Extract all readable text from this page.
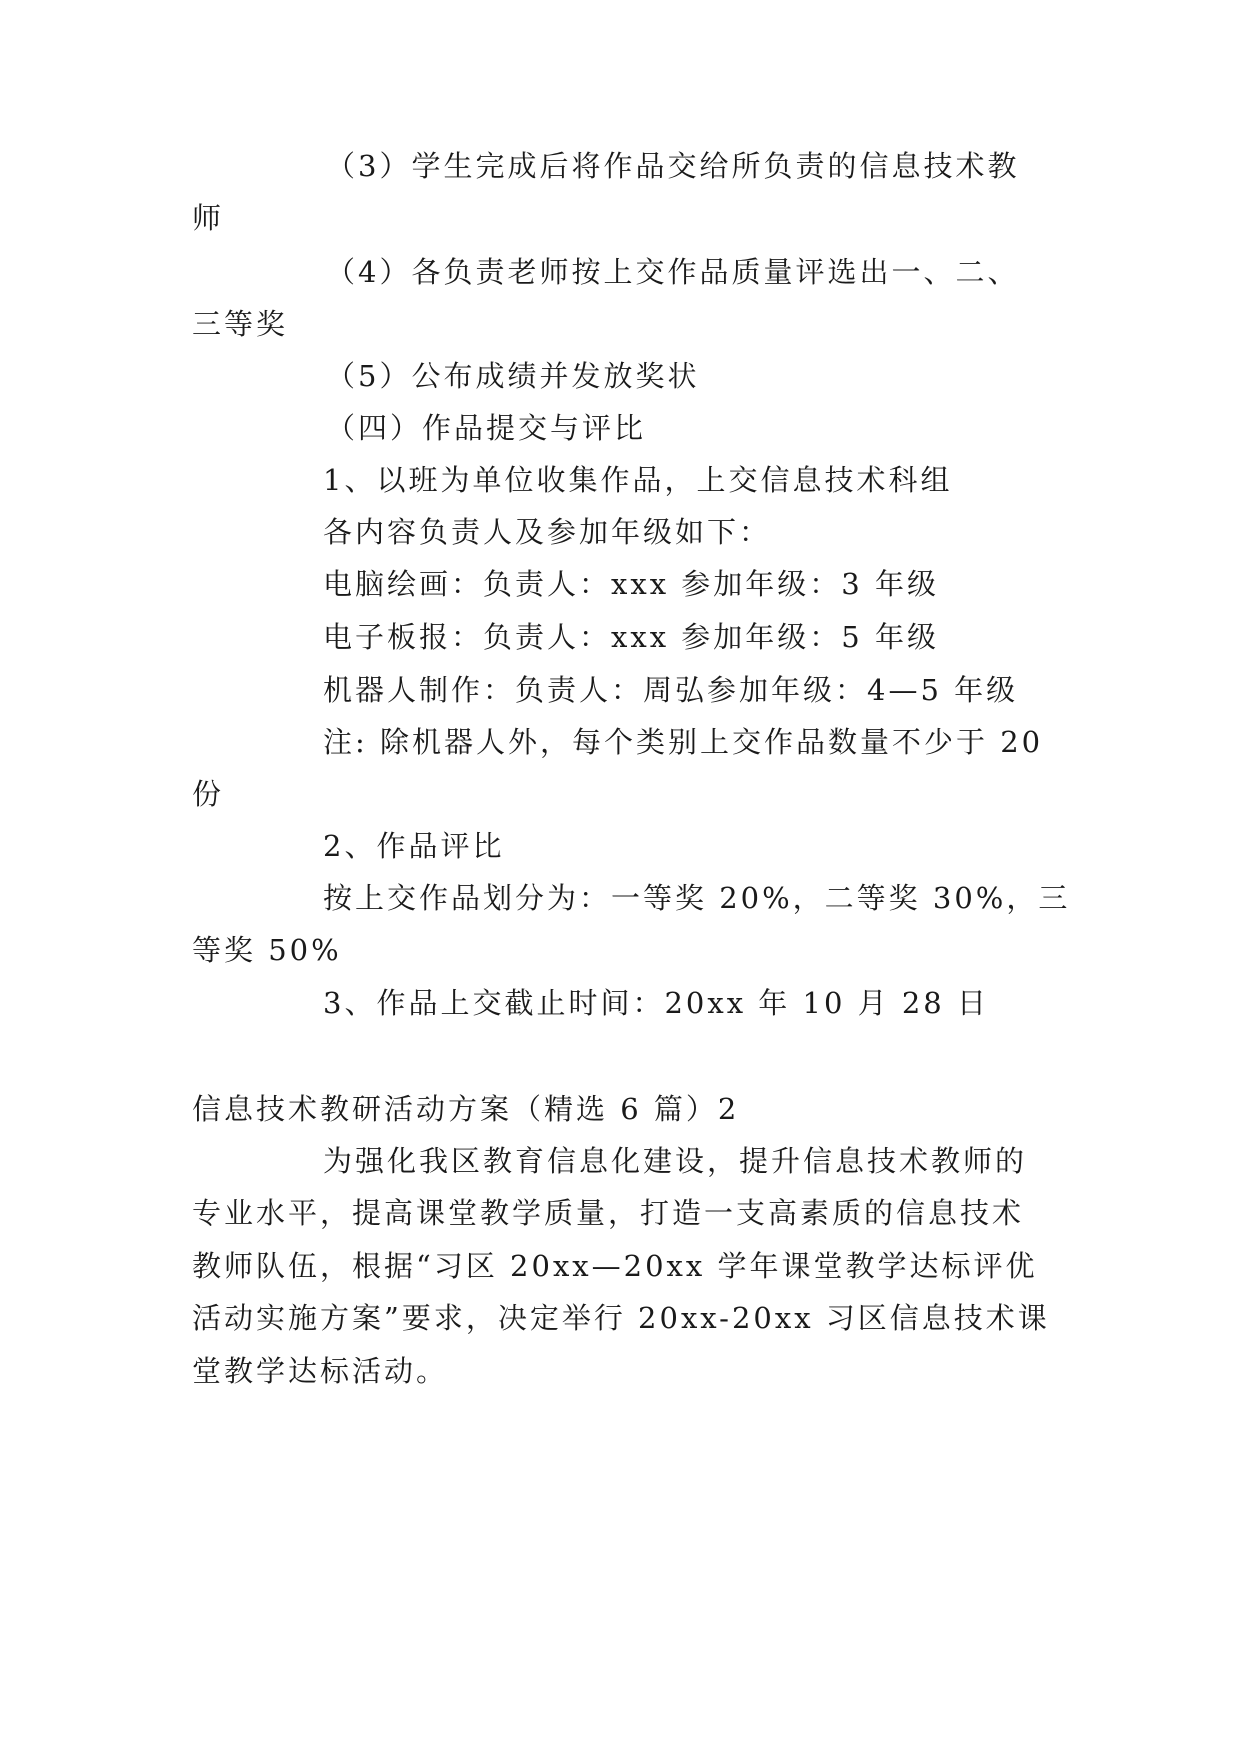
（3）学生完成后将作品交给所负责的信息技术教
师
（4）各负责老师按上交作品质量评选出一、二、
三等奖
（5）公布成绩并发放奖状
（四）作品提交与评比
1、以班为单位收集作品，上交信息技术科组
各内容负责人及参加年级如下：
电脑绘画：负责人：xxx 参加年级：3 年级
电子板报：负责人：xxx 参加年级：5 年级
机器人制作：负责人：周弘参加年级：4—5 年级
注: 除机器人外，每个类别上交作品数量不少于 20
份
2、作品评比
按上交作品划分为：一等奖 20%，二等奖 30%，三
等奖 50%
3、作品上交截止时间：20xx 年 10 月 28 日
信息技术教研活动方案（精选 6 篇）2
为强化我区教育信息化建设，提升信息技术教师的
专业水平，提高课堂教学质量，打造一支高素质的信息技术
教师队伍，根据“习区 20xx—20xx 学年课堂教学达标评优
活动实施方案”要求，决定举行 20xx-20xx 习区信息技术课
堂教学达标活动。
